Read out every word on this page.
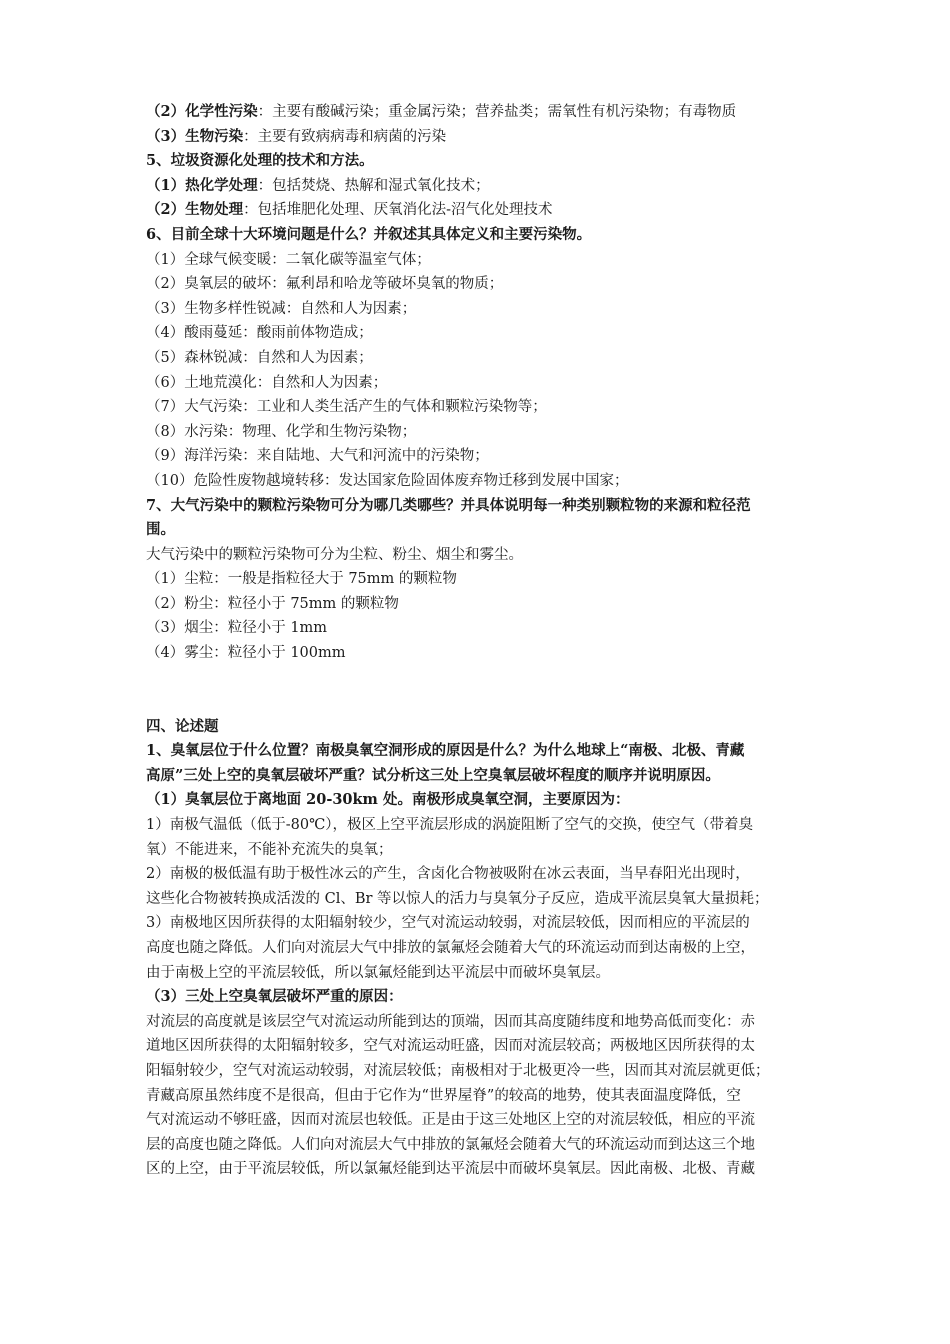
（2）化学性污染：主要有酸碱污染；重金属污染；营养盐类；需氧性有机污染物；有毒物质
（3）生物污染：主要有致病病毒和病菌的污染
5、垃圾资源化处理的技术和方法。
（1）热化学处理：包括焚烧、热解和湿式氧化技术；
（2）生物处理：包括堆肥化处理、厌氧消化法-沼气化处理技术
6、目前全球十大环境问题是什么？并叙述其具体定义和主要污染物。
（1）全球气候变暖：二氧化碳等温室气体；
（2）臭氧层的破坏：氟利昂和哈龙等破坏臭氧的物质；
（3）生物多样性锐减：自然和人为因素；
（4）酸雨蔓延：酸雨前体物造成；
（5）森林锐减：自然和人为因素；
（6）土地荒漠化：自然和人为因素；
（7）大气污染：工业和人类生活产生的气体和颗粒污染物等；
（8）水污染：物理、化学和生物污染物；
（9）海洋污染：来自陆地、大气和河流中的污染物；
（10）危险性废物越境转移：发达国家危险固体废弃物迁移到发展中国家；
7、大气污染中的颗粒污染物可分为哪几类哪些？并具体说明每一种类别颗粒物的来源和粒径范
围。
大气污染中的颗粒污染物可分为尘粒、粉尘、烟尘和雾尘。
（1）尘粒：一般是指粒径大于 75mm 的颗粒物
（2）粉尘：粒径小于 75mm 的颗粒物
（3）烟尘：粒径小于 1mm
（4）雾尘：粒径小于 100mm
四、论述题
1、臭氧层位于什么位置？南极臭氧空洞形成的原因是什么？为什么地球上“南极、北极、青藏
高原”三处上空的臭氧层破坏严重？试分析这三处上空臭氧层破坏程度的顺序并说明原因。
（1）臭氧层位于离地面 20-30km 处。南极形成臭氧空洞，主要原因为：
1）南极气温低（低于-80℃），极区上空平流层形成的涡旋阻断了空气的交换，使空气（带着臭
氧）不能进来，不能补充流失的臭氧；
2）南极的极低温有助于极性冰云的产生，含卤化合物被吸附在冰云表面，当早春阳光出现时，
这些化合物被转换成活泼的 Cl、Br 等以惊人的活力与臭氧分子反应，造成平流层臭氧大量损耗；
3）南极地区因所获得的太阳辐射较少，空气对流运动较弱，对流层较低，因而相应的平流层的
高度也随之降低。人们向对流层大气中排放的氯氟烃会随着大气的环流运动而到达南极的上空，
由于南极上空的平流层较低，所以氯氟烃能到达平流层中而破坏臭氧层。
（3）三处上空臭氧层破坏严重的原因：
对流层的高度就是该层空气对流运动所能到达的顶端，因而其高度随纬度和地势高低而变化：赤
道地区因所获得的太阳辐射较多，空气对流运动旺盛，因而对流层较高；两极地区因所获得的太
阳辐射较少，空气对流运动较弱，对流层较低；南极相对于北极更冷一些，因而其对流层就更低；
青藏高原虽然纬度不是很高，但由于它作为“世界屋脊”的较高的地势，使其表面温度降低，空
气对流运动不够旺盛，因而对流层也较低。正是由于这三处地区上空的对流层较低，相应的平流
层的高度也随之降低。人们向对流层大气中排放的氯氟烃会随着大气的环流运动而到达这三个地
区的上空，由于平流层较低，所以氯氟烃能到达平流层中而破坏臭氧层。因此南极、北极、青藏
